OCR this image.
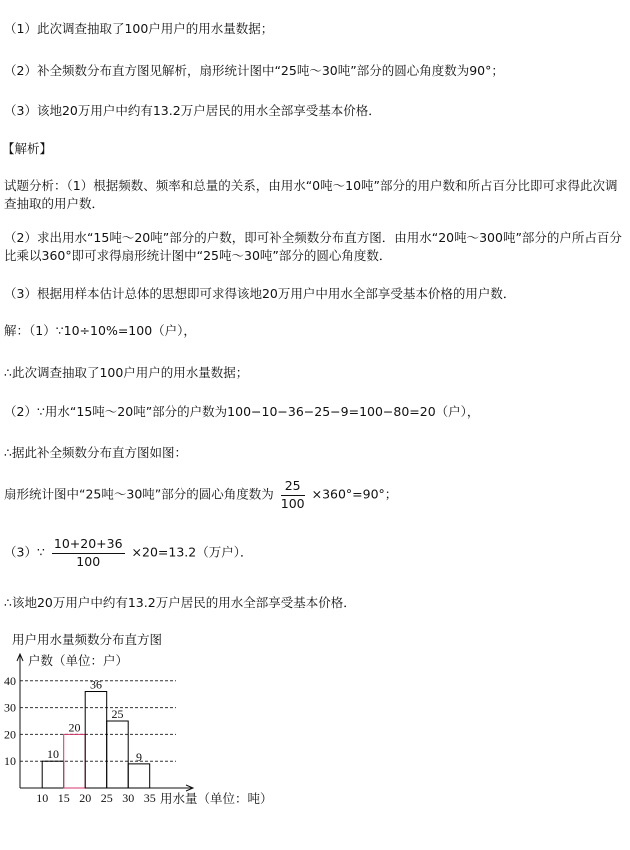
（1）此次调查抽取了100户用户的用水量数据；
（2）补全频数分布直方图见解析，扇形统计图中“25吨～30吨”部分的圆心角度数为90°；
（3）该地20万用户中约有13.2万户居民的用水全部享受基本价格．
【解析】
试题分析：（1）根据频数、频率和总量的关系，由用水“0吨～10吨”部分的用户数和所占百分比即可求得此次调查抽取的用户数．
（2）求出用水“15吨～20吨”部分的户数，即可补全频数分布直方图．由用水“20吨～300吨”部分的户所占百分比乘以360°即可求得扇形统计图中“25吨～30吨”部分的圆心角度数．
（3）根据用样本估计总体的思想即可求得该地20万用户中用水全部享受基本价格的用户数．
解：（1）∵10÷10%=100（户），
∴此次调查抽取了100户用户的用水量数据；
（2）∵用水“15吨～20吨”部分的户数为100−10−36−25−9=100−80=20（户），
∴据此补全频数分布直方图如图：
扇形统计图中“25吨～30吨”部分的圆心角度数为 $\frac{25}{100} \times 360^\circ=90^\circ$；
（3）∵ $\frac{10+20+36}{100} \times 20=13.2$（万户）．
∴该地20万用户中约有13.2万户居民的用水全部享受基本价格．
用户用水量频数分布直方图
户数（单位：户）
用水量（单位：吨）
10
20
30
40
10
20
36
25
9
10 15 20 25 30 35
